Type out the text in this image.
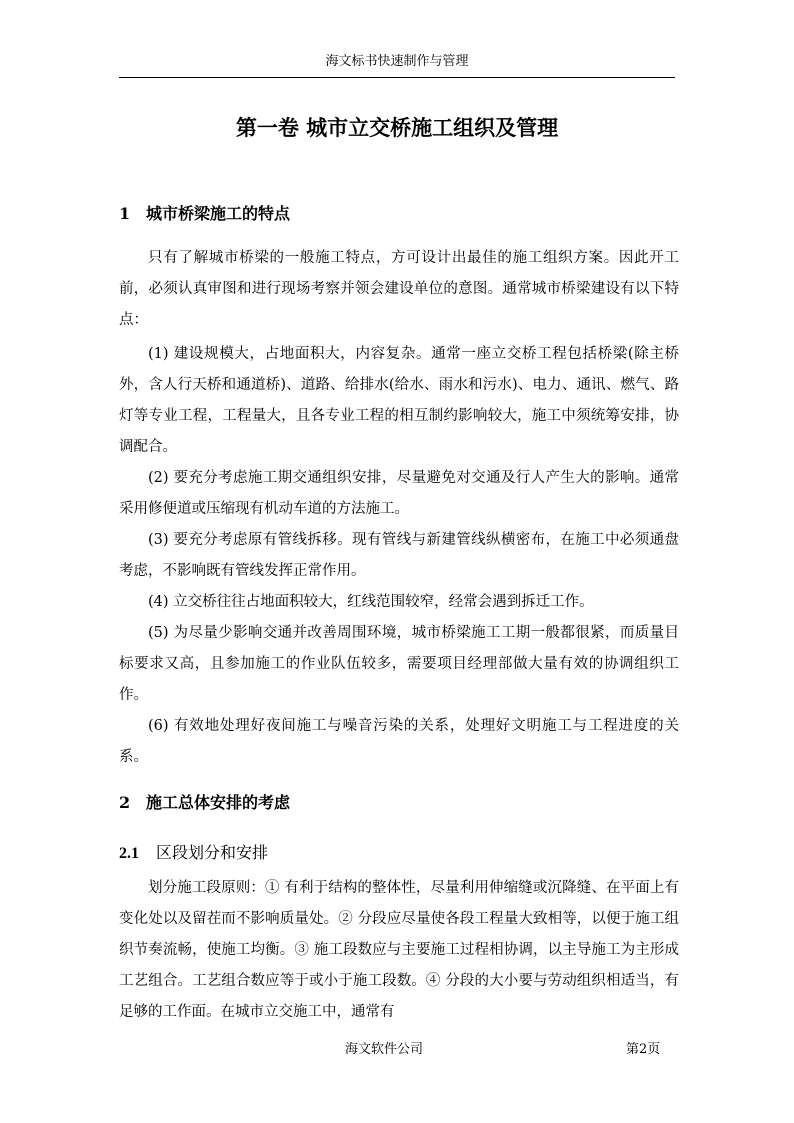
海文标书快速制作与管理
第一卷 城市立交桥施工组织及管理
1 城市桥梁施工的特点

只有了解城市桥梁的一般施工特点，方可设计出最佳的施工组织方案。因此开工前，必须认真审图和进行现场考察并领会建设单位的意图。通常城市桥梁建设有以下特点：

(1) 建设规模大，占地面积大，内容复杂。通常一座立交桥工程包括桥梁(除主桥外，含人行天桥和通道桥)、道路、给排水(给水、雨水和污水)、电力、通讯、燃气、路灯等专业工程，工程量大，且各专业工程的相互制约影响较大，施工中须统筹安排，协调配合。

(2) 要充分考虑施工期交通组织安排，尽量避免对交通及行人产生大的影响。通常采用修便道或压缩现有机动车道的方法施工。

(3) 要充分考虑原有管线拆移。现有管线与新建管线纵横密布，在施工中必须通盘考虑，不影响既有管线发挥正常作用。

(4) 立交桥往往占地面积较大，红线范围较窄，经常会遇到拆迁工作。

(5) 为尽量少影响交通并改善周围环境，城市桥梁施工工期一般都很紧，而质量目标要求又高，且参加施工的作业队伍较多，需要项目经理部做大量有效的协调组织工作。

(6) 有效地处理好夜间施工与噪音污染的关系，处理好文明施工与工程进度的关系。

2 施工总体安排的考虑
2.1 区段划分和安排

划分施工段原则：① 有利于结构的整体性，尽量利用伸缩缝或沉降缝、在平面上有变化处以及留茬而不影响质量处。② 分段应尽量使各段工程量大致相等，以便于施工组织节奏流畅，使施工均衡。③ 施工段数应与主要施工过程相协调，以主导施工为主形成工艺组合。工艺组合数应等于或小于施工段数。④ 分段的大小要与劳动组织相适当，有足够的工作面。在城市立交施工中，通常有

海文软件公司	第2页
